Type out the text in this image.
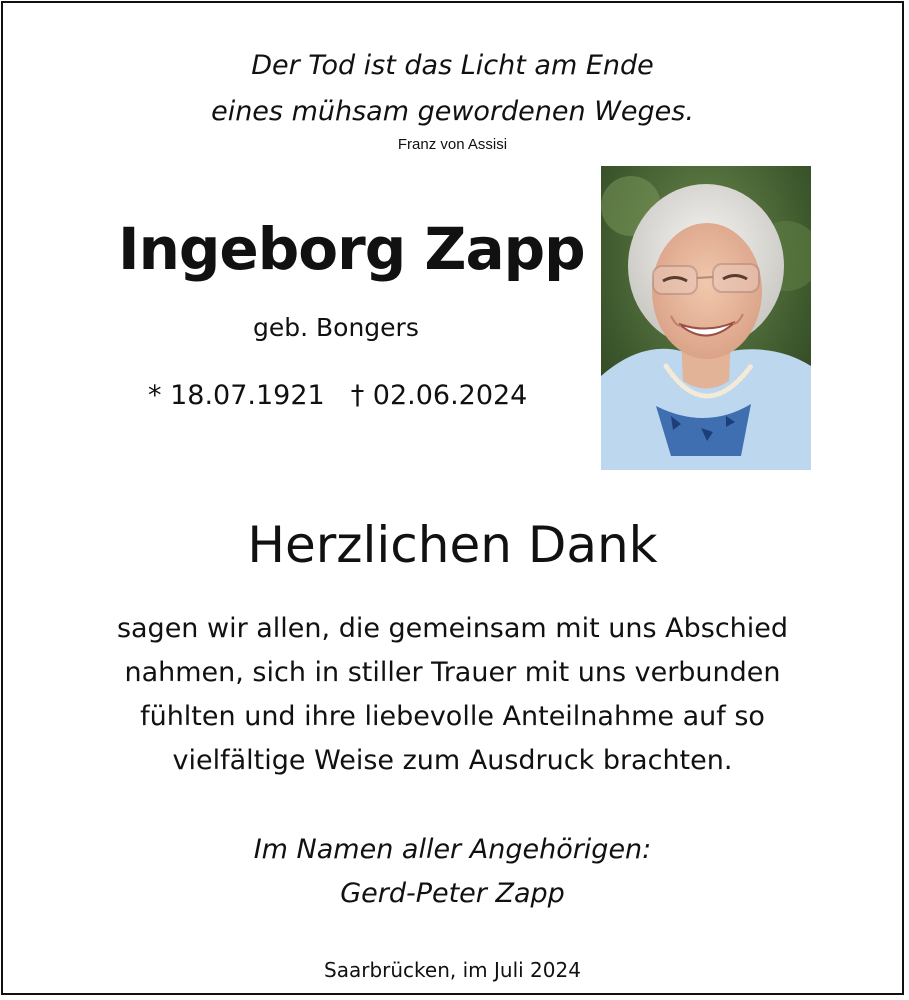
Der Tod ist das Licht am Ende
eines mühsam gewordenen Weges.
Franz von Assisi
Ingeborg Zapp
geb. Bongers
* 18.07.1921 † 02.06.2024
Herzlichen Dank
sagen wir allen, die gemeinsam mit uns Abschied
nahmen, sich in stiller Trauer mit uns verbunden
fühlten und ihre liebevolle Anteilnahme auf so
vielfältige Weise zum Ausdruck brachten.
Im Namen aller Angehörigen:
Gerd-Peter Zapp
Saarbrücken, im Juli 2024
